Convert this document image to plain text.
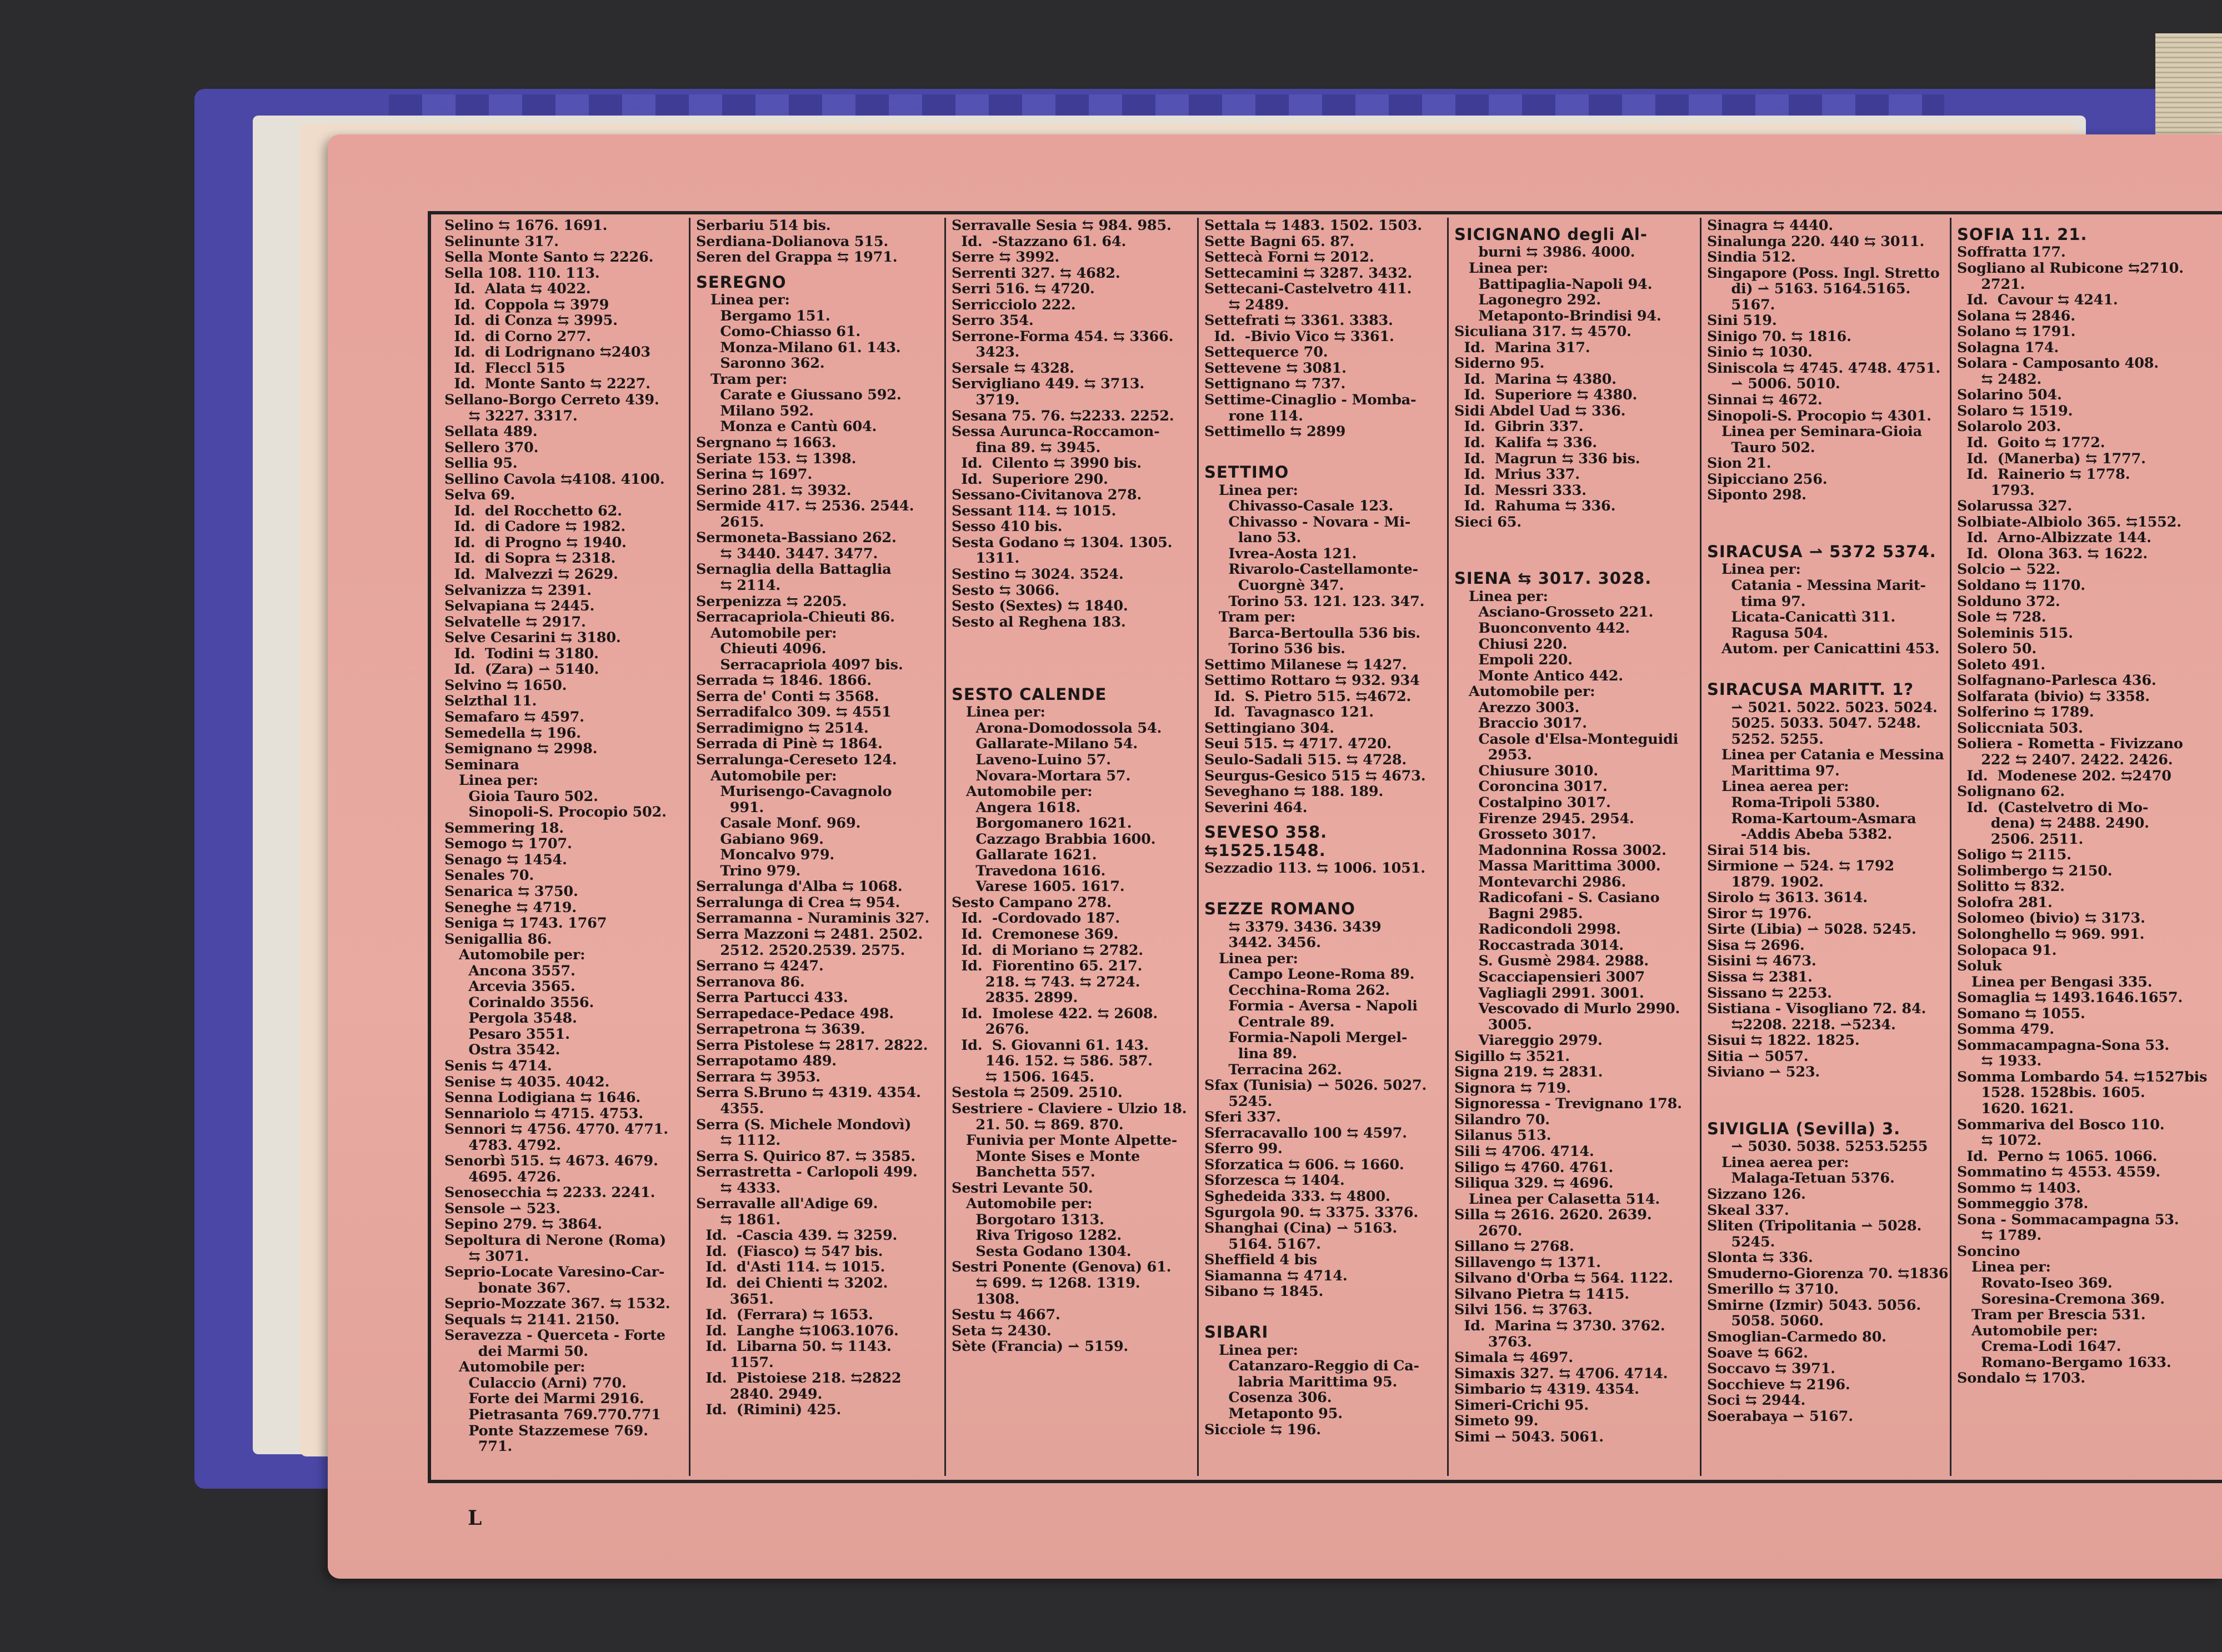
Selino ⇆ 1676. 1691.
Selinunte 317.
Sella Monte Santo ⇆ 2226.
Sella 108. 110. 113.
Id.  Alata ⇆ 4022.
Id.  Coppola ⇆ 3979
Id.  di Conza ⇆ 3995.
Id.  di Corno 277.
Id.  di Lodrignano ⇆2403
Id.  Fleccl 515
Id.  Monte Santo ⇆ 2227.
Sellano-Borgo Cerreto 439.
⇆ 3227. 3317.
Sellata 489.
Sellero 370.
Sellia 95.
Sellino Cavola ⇆4108. 4100.
Selva 69.
Id.  del Rocchetto 62.
Id.  di Cadore ⇆ 1982.
Id.  di Progno ⇆ 1940.
Id.  di Sopra ⇆ 2318.
Id.  Malvezzi ⇆ 2629.
Selvanizza ⇆ 2391.
Selvapiana ⇆ 2445.
Selvatelle ⇆ 2917.
Selve Cesarini ⇆ 3180.
Id.  Todini ⇆ 3180.
Id.  (Zara) ⇀ 5140.
Selvino ⇆ 1650.
Selzthal 11.
Semafaro ⇆ 4597.
Semedella ⇆ 196.
Semignano ⇆ 2998.
Seminara
Linea per:
Gioia Tauro 502.
Sinopoli-S. Procopio 502.
Semmering 18.
Semogo ⇆ 1707.
Senago ⇆ 1454.
Senales 70.
Senarica ⇆ 3750.
Seneghe ⇆ 4719.
Seniga ⇆ 1743. 1767
Senigallia 86.
Automobile per:
Ancona 3557.
Arcevia 3565.
Corinaldo 3556.
Pergola 3548.
Pesaro 3551.
Ostra 3542.
Senis ⇆ 4714.
Senise ⇆ 4035. 4042.
Senna Lodigiana ⇆ 1646.
Sennariolo ⇆ 4715. 4753.
Sennori ⇆ 4756. 4770. 4771.
4783. 4792.
Senorbì 515. ⇆ 4673. 4679.
4695. 4726.
Senosecchia ⇆ 2233. 2241.
Sensole ⇀ 523.
Sepino 279. ⇆ 3864.
Sepoltura di Nerone (Roma)
⇆ 3071.
Seprio-Locate Varesino-Car-
bonate 367.
Seprio-Mozzate 367. ⇆ 1532.
Sequals ⇆ 2141. 2150.
Seravezza - Querceta - Forte
dei Marmi 50.
Automobile per:
Culaccio (Arni) 770.
Forte dei Marmi 2916.
Pietrasanta 769.770.771
Ponte Stazzemese 769.
771.
Serbariu 514 bis.
Serdiana-Dolianova 515.
Seren del Grappa ⇆ 1971.
SEREGNO
Linea per:
Bergamo 151.
Como-Chiasso 61.
Monza-Milano 61. 143.
Saronno 362.
Tram per:
Carate e Giussano 592.
Milano 592.
Monza e Cantù 604.
Sergnano ⇆ 1663.
Seriate 153. ⇆ 1398.
Serina ⇆ 1697.
Serino 281. ⇆ 3932.
Sermide 417. ⇆ 2536. 2544.
2615.
Sermoneta-Bassiano 262.
⇆ 3440. 3447. 3477.
Sernaglia della Battaglia
⇆ 2114.
Serpenizza ⇆ 2205.
Serracapriola-Chieuti 86.
Automobile per:
Chieuti 4096.
Serracapriola 4097 bis.
Serrada ⇆ 1846. 1866.
Serra de' Conti ⇆ 3568.
Serradifalco 309. ⇆ 4551
Serradimigno ⇆ 2514.
Serrada di Pinè ⇆ 1864.
Serralunga-Cereseto 124.
Automobile per:
Murisengo-Cavagnolo
991.
Casale Monf. 969.
Gabiano 969.
Moncalvo 979.
Trino 979.
Serralunga d'Alba ⇆ 1068.
Serralunga di Crea ⇆ 954.
Serramanna - Nuraminis 327.
Serra Mazzoni ⇆ 2481. 2502.
2512. 2520.2539. 2575.
Serrano ⇆ 4247.
Serranova 86.
Serra Partucci 433.
Serrapedace-Pedace 498.
Serrapetrona ⇆ 3639.
Serra Pistolese ⇆ 2817. 2822.
Serrapotamo 489.
Serrara ⇆ 3953.
Serra S.Bruno ⇆ 4319. 4354.
4355.
Serra (S. Michele Mondovì)
⇆ 1112.
Serra S. Quirico 87. ⇆ 3585.
Serrastretta - Carlopoli 499.
⇆ 4333.
Serravalle all'Adige 69.
⇆ 1861.
Id.  -Cascia 439. ⇆ 3259.
Id.  (Fiasco) ⇆ 547 bis.
Id.  d'Asti 114. ⇆ 1015.
Id.  dei Chienti ⇆ 3202.
3651.
Id.  (Ferrara) ⇆ 1653.
Id.  Langhe ⇆1063.1076.
Id.  Libarna 50. ⇆ 1143.
1157.
Id.  Pistoiese 218. ⇆2822
2840. 2949.
Id.  (Rimini) 425.
Serravalle Sesia ⇆ 984. 985.
Id.  -Stazzano 61. 64.
Serre ⇆ 3992.
Serrenti 327. ⇆ 4682.
Serri 516. ⇆ 4720.
Serricciolo 222.
Serro 354.
Serrone-Forma 454. ⇆ 3366.
3423.
Sersale ⇆ 4328.
Servigliano 449. ⇆ 3713.
3719.
Sesana 75. 76. ⇆2233. 2252.
Sessa Aurunca-Roccamon-
fina 89. ⇆ 3945.
Id.  Cilento ⇆ 3990 bis.
Id.  Superiore 290.
Sessano-Civitanova 278.
Sessant 114. ⇆ 1015.
Sesso 410 bis.
Sesta Godano ⇆ 1304. 1305.
1311.
Sestino ⇆ 3024. 3524.
Sesto ⇆ 3066.
Sesto (Sextes) ⇆ 1840.
Sesto al Reghena 183.

SESTO CALENDE
Linea per:
Arona-Domodossola 54.
Gallarate-Milano 54.
Laveno-Luino 57.
Novara-Mortara 57.
Automobile per:
Angera 1618.
Borgomanero 1621.
Cazzago Brabbia 1600.
Gallarate 1621.
Travedona 1616.
Varese 1605. 1617.
Sesto Campano 278.
Id.  -Cordovado 187.
Id.  Cremonese 369.
Id.  di Moriano ⇆ 2782.
Id.  Fiorentino 65. 217.
218. ⇆ 743. ⇆ 2724.
2835. 2899.
Id.  Imolese 422. ⇆ 2608.
2676.
Id.  S. Giovanni 61. 143.
146. 152. ⇆ 586. 587.
⇆ 1506. 1645.
Sestola ⇆ 2509. 2510.
Sestriere - Claviere - Ulzio 18.
21. 50. ⇆ 869. 870.
Funivia per Monte Alpette-
Monte Sises e Monte
Banchetta 557.
Sestri Levante 50.
Automobile per:
Borgotaro 1313.
Riva Trigoso 1282.
Sesta Godano 1304.
Sestri Ponente (Genova) 61.
⇆ 699. ⇆ 1268. 1319.
1308.
Sestu ⇆ 4667.
Seta ⇆ 2430.
Sète (Francia) ⇀ 5159.
Settala ⇆ 1483. 1502. 1503.
Sette Bagni 65. 87.
Settecà Forni ⇆ 2012.
Settecamini ⇆ 3287. 3432.
Settecani-Castelvetro 411.
⇆ 2489.
Settefrati ⇆ 3361. 3383.
Id.  -Bivio Vico ⇆ 3361.
Settequerce 70.
Settevene ⇆ 3081.
Settignano ⇆ 737.
Settime-Cinaglio - Momba-
rone 114.
Settimello ⇆ 2899

SETTIMO
Linea per:
Chivasso-Casale 123.
Chivasso - Novara - Mi-
lano 53.
Ivrea-Aosta 121.
Rivarolo-Castellamonte-
Cuorgnè 347.
Torino 53. 121. 123. 347.
Tram per:
Barca-Bertoulla 536 bis.
Torino 536 bis.
Settimo Milanese ⇆ 1427.
Settimo Rottaro ⇆ 932. 934
Id.  S. Pietro 515. ⇆4672.
Id.  Tavagnasco 121.
Settingiano 304.
Seui 515. ⇆ 4717. 4720.
Seulo-Sadali 515. ⇆ 4728.
Seurgus-Gesico 515 ⇆ 4673.
Seveghano ⇆ 188. 189.
Severini 464.
SEVESO 358. ⇆1525.1548.
Sezzadio 113. ⇆ 1006. 1051.

SEZZE ROMANO
⇆ 3379. 3436. 3439
3442. 3456.
Linea per:
Campo Leone-Roma 89.
Cecchina-Roma 262.
Formia - Aversa - Napoli
Centrale 89.
Formia-Napoli Mergel-
lina 89.
Terracina 262.
Sfax (Tunisia) ⇀ 5026. 5027.
5245.
Sferi 337.
Sferracavallo 100 ⇆ 4597.
Sferro 99.
Sforzatica ⇆ 606. ⇆ 1660.
Sforzesca ⇆ 1404.
Sghedeida 333. ⇆ 4800.
Sgurgola 90. ⇆ 3375. 3376.
Shanghai (Cina) ⇀ 5163.
5164. 5167.
Sheffield 4 bis
Siamanna ⇆ 4714.
Sibano ⇆ 1845.

SIBARI
Linea per:
Catanzaro-Reggio di Ca-
labria Marittima 95.
Cosenza 306.
Metaponto 95.
Sicciole ⇆ 196.
SICIGNANO degli Al-
burni ⇆ 3986. 4000.
Linea per:
Battipaglia-Napoli 94.
Lagonegro 292.
Metaponto-Brindisi 94.
Siculiana 317. ⇆ 4570.
Id.  Marina 317.
Siderno 95.
Id.  Marina ⇆ 4380.
Id.  Superiore ⇆ 4380.
Sidi Abdel Uad ⇆ 336.
Id.  Gibrin 337.
Id.  Kalifa ⇆ 336.
Id.  Magrun ⇆ 336 bis.
Id.  Mrius 337.
Id.  Messri 333.
Id.  Rahuma ⇆ 336.
Sieci 65.

SIENA ⇆ 3017. 3028.
Linea per:
Asciano-Grosseto 221.
Buonconvento 442.
Chiusi 220.
Empoli 220.
Monte Antico 442.
Automobile per:
Arezzo 3003.
Braccio 3017.
Casole d'Elsa-Monteguidi
2953.
Chiusure 3010.
Coroncina 3017.
Costalpino 3017.
Firenze 2945. 2954.
Grosseto 3017.
Madonnina Rossa 3002.
Massa Marittima 3000.
Montevarchi 2986.
Radicofani - S. Casiano
Bagni 2985.
Radicondoli 2998.
Roccastrada 3014.
S. Gusmè 2984. 2988.
Scacciapensieri 3007
Vagliagli 2991. 3001.
Vescovado di Murlo 2990.
3005.
Viareggio 2979.
Sigillo ⇆ 3521.
Signa 219. ⇆ 2831.
Signora ⇆ 719.
Signoressa - Trevignano 178.
Silandro 70.
Silanus 513.
Sili ⇆ 4706. 4714.
Siligo ⇆ 4760. 4761.
Siliqua 329. ⇆ 4696.
Linea per Calasetta 514.
Silla ⇆ 2616. 2620. 2639.
2670.
Sillano ⇆ 2768.
Sillavengo ⇆ 1371.
Silvano d'Orba ⇆ 564. 1122.
Silvano Pietra ⇆ 1415.
Silvi 156. ⇆ 3763.
Id.  Marina ⇆ 3730. 3762.
3763.
Simala ⇆ 4697.
Simaxis 327. ⇆ 4706. 4714.
Simbario ⇆ 4319. 4354.
Simeri-Crichi 95.
Simeto 99.
Simi ⇀ 5043. 5061.
Sinagra ⇆ 4440.
Sinalunga 220. 440 ⇆ 3011.
Sindia 512.
Singapore (Poss. Ingl. Stretto
di) ⇀ 5163. 5164.5165.
5167.
Sini 519.
Sinigo 70. ⇆ 1816.
Sinio ⇆ 1030.
Siniscola ⇆ 4745. 4748. 4751.
⇀ 5006. 5010.
Sinnai ⇆ 4672.
Sinopoli-S. Procopio ⇆ 4301.
Linea per Seminara-Gioia
Tauro 502.
Sion 21.
Sipicciano 256.
Siponto 298.

SIRACUSA ⇀ 5372 5374.
Linea per:
Catania - Messina Marit-
tima 97.
Licata-Canicattì 311.
Ragusa 504.
Autom. per Canicattini 453.

SIRACUSA MARITT. 1?
⇀ 5021. 5022. 5023. 5024.
5025. 5033. 5047. 5248.
5252. 5255.
Linea per Catania e Messina
Marittima 97.
Linea aerea per:
Roma-Tripoli 5380.
Roma-Kartoum-Asmara
-Addis Abeba 5382.
Sirai 514 bis.
Sirmione ⇀ 524. ⇆ 1792
1879. 1902.
Sirolo ⇆ 3613. 3614.
Siror ⇆ 1976.
Sirte (Libia) ⇀ 5028. 5245.
Sisa ⇆ 2696.
Sisini ⇆ 4673.
Sissa ⇆ 2381.
Sissano ⇆ 2253.
Sistiana - Visogliano 72. 84.
⇆2208. 2218. ⇀5234.
Sisui ⇆ 1822. 1825.
Sitia ⇀ 5057.
Siviano ⇀ 523.

SIVIGLIA (Sevilla) 3.
⇀ 5030. 5038. 5253.5255
Linea aerea per:
Malaga-Tetuan 5376.
Sizzano 126.
Skeal 337.
Sliten (Tripolitania ⇀ 5028.
5245.
Slonta ⇆ 336.
Smuderno-Giorenza 70. ⇆1836
Smerillo ⇆ 3710.
Smirne (Izmir) 5043. 5056.
5058. 5060.
Smoglian-Carmedo 80.
Soave ⇆ 662.
Soccavo ⇆ 3971.
Socchieve ⇆ 2196.
Soci ⇆ 2944.
Soerabaya ⇀ 5167.
SOFIA 11. 21.
Soffratta 177.
Sogliano al Rubicone ⇆2710.
2721.
Id.  Cavour ⇆ 4241.
Solana ⇆ 2846.
Solano ⇆ 1791.
Solagna 174.
Solara - Camposanto 408.
⇆ 2482.
Solarino 504.
Solaro ⇆ 1519.
Solarolo 203.
Id.  Goito ⇆ 1772.
Id.  (Manerba) ⇆ 1777.
Id.  Rainerio ⇆ 1778.
1793.
Solarussa 327.
Solbiate-Albiolo 365. ⇆1552.
Id.  Arno-Albizzate 144.
Id.  Olona 363. ⇆ 1622.
Solcio ⇀ 522.
Soldano ⇆ 1170.
Solduno 372.
Sole ⇆ 728.
Soleminis 515.
Solero 50.
Soleto 491.
Solfagnano-Parlesca 436.
Solfarata (bivio) ⇆ 3358.
Solferino ⇆ 1789.
Soliccniata 503.
Soliera - Rometta - Fivizzano
222 ⇆ 2407. 2422. 2426.
Id.  Modenese 202. ⇆2470
Solignano 62.
Id.  (Castelvetro di Mo-
dena) ⇆ 2488. 2490.
2506. 2511.
Soligo ⇆ 2115.
Solimbergo ⇆ 2150.
Solitto ⇆ 832.
Solofra 281.
Solomeo (bivio) ⇆ 3173.
Solonghello ⇆ 969. 991.
Solopaca 91.
Soluk
Linea per Bengasi 335.
Somaglia ⇆ 1493.1646.1657.
Somano ⇆ 1055.
Somma 479.
Sommacampagna-Sona 53.
⇆ 1933.
Somma Lombardo 54. ⇆1527bis
1528. 1528bis. 1605.
1620. 1621.
Sommariva del Bosco 110.
⇆ 1072.
Id.  Perno ⇆ 1065. 1066.
Sommatino ⇆ 4553. 4559.
Sommo ⇆ 1403.
Sommeggio 378.
Sona - Sommacampagna 53.
⇆ 1789.
Soncino
Linea per:
Rovato-Iseo 369.
Soresina-Cremona 369.
Tram per Brescia 531.
Automobile per:
Crema-Lodi 1647.
Romano-Bergamo 1633.
Sondalo ⇆ 1703.
L
